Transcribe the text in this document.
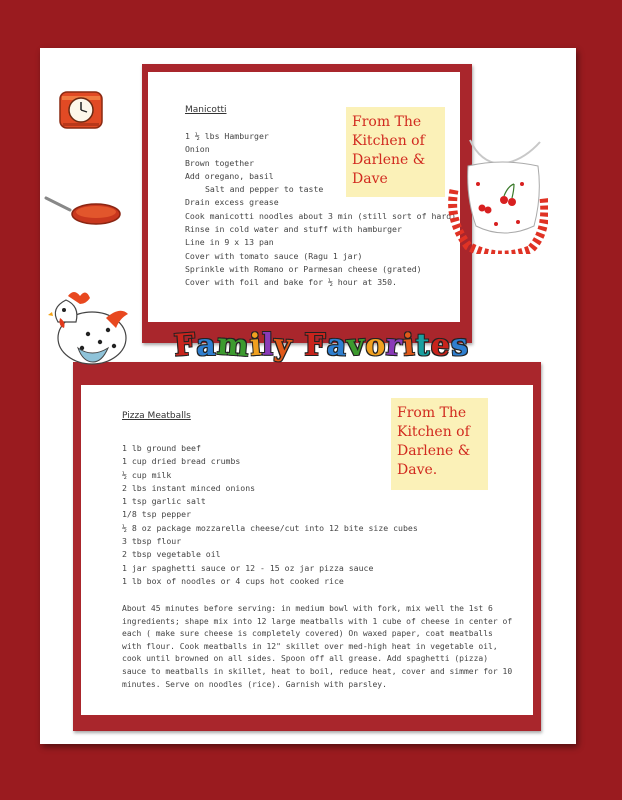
Manicotti
1 ½ lbs Hamburger
Onion
Brown together
Add oregano, basil
Salt and pepper to taste
Drain excess grease
Cook manicotti noodles about 3 min (still sort of hard)
Rinse in cold water and stuff with hamburger
Line in 9 x 13 pan
Cover with tomato sauce (Ragu 1 jar)
Sprinkle with Romano or Parmesan cheese (grated)
Cover with foil and bake for ½ hour at 350.
From The Kitchen of Darlene & Dave
Pizza Meatballs
1 lb ground beef
1 cup dried bread crumbs
½ cup milk
2 lbs instant minced onions
1 tsp garlic salt
1/8 tsp pepper
½ 8 oz package mozzarella cheese/cut into 12 bite size cubes
3 tbsp flour
2 tbsp vegetable oil
1 jar spaghetti sauce or 12 - 15 oz jar pizza sauce
1 lb box of noodles or 4 cups hot cooked rice

About 45 minutes before serving: in medium bowl with fork, mix well the 1st 6 ingredients; shape mix into 12 large meatballs with 1 cube of cheese in center of each ( make sure cheese is completely covered) On waxed paper, coat meatballs with flour. Cook meatballs in 12" skillet over med-high heat in vegetable oil, cook until browned on all sides. Spoon off all grease. Add spaghetti (pizza) sauce to meatballs in skillet, heat to boil, reduce heat, cover and simmer for 10 minutes. Serve on noodles (rice). Garnish with parsley.

From The Kitchen of Darlene & Dave.
Family Favorites
